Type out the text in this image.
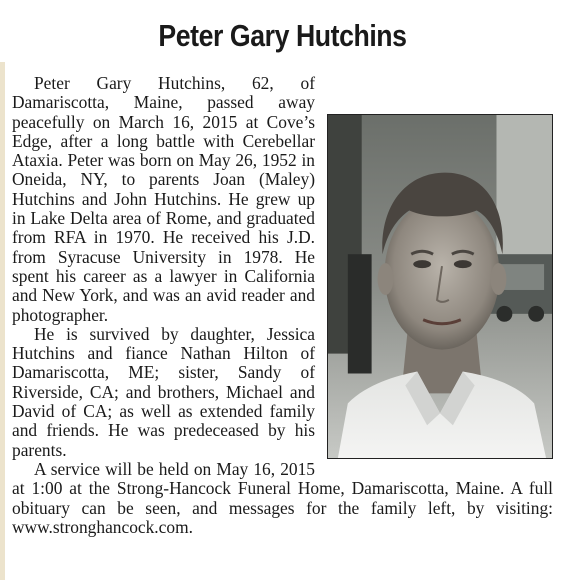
Peter Gary Hutchins

Peter Gary Hutchins, 62, of Damariscotta, Maine, passed away peacefully on March 16, 2015 at Cove’s Edge, after a long battle with Cerebellar Ataxia. Peter was born on May 26, 1952 in Oneida, NY, to parents Joan (Maley) Hutchins and John Hutchins. He grew up in Lake Delta area of Rome, and graduated from RFA in 1970. He received his J.D. from Syracuse University in 1978. He spent his career as a lawyer in California and New York, and was an avid reader and photographer.

He is survived by daughter, Jessica Hutchins and fiance Nathan Hilton of Damariscotta, ME; sister, Sandy of Riverside, CA; and brothers, Michael and David of CA; as well as extended family and friends. He was predeceased by his parents.

A service will be held on May 16, 2015 at 1:00 at the Strong-Hancock Funeral Home, Damariscotta, Maine. A full obituary can be seen, and messages for the family left, by visiting: www.stronghancock.com.
